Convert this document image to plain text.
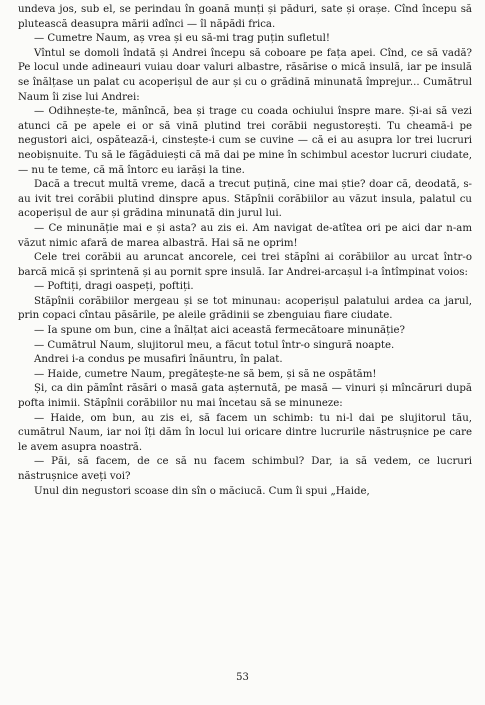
undeva jos, sub el, se perindau în goană munți și păduri, sate și orașe. Cînd începu să plutească deasupra mării adînci — îl năpădi frica.

— Cumetre Naum, aș vrea și eu să-mi trag puțin sufletul!

Vîntul se domoli îndată și Andrei începu să coboare pe fața apei. Cînd, ce să vadă? Pe locul unde adineauri vuiau doar valuri albastre, răsărise o mică insulă, iar pe insulă se înălțase un palat cu acoperișul de aur și cu o grădină minunată împrejur... Cumătrul Naum îi zise lui Andrei:

— Odihnește-te, mănîncă, bea și trage cu coada ochiului înspre mare. Și-ai să vezi atunci că pe apele ei or să vină plutind trei corăbii negustorești. Tu cheamă-i pe negustori aici, ospătează-i, cinstește-i cum se cuvine — că ei au asupra lor trei lucruri neobișnuite. Tu să le făgăduiești că mă dai pe mine în schimbul acestor lucruri ciudate,— nu te teme, că mă întorc eu iarăși la tine.

Dacă a trecut multă vreme, dacă a trecut puțină, cine mai știe? doar că, deodată, s-au ivit trei corăbii plutind dinspre apus. Stăpînii corăbiilor au văzut insula, palatul cu acoperișul de aur și grădina minunată din jurul lui.

— Ce minunăție mai e și asta? au zis ei. Am navigat de-atîtea ori pe aici dar n-am văzut nimic afară de marea albastră. Hai să ne oprim!

Cele trei corăbii au aruncat ancorele, cei trei stăpîni ai corăbiilor au urcat într-o barcă mică și sprintenă și au pornit spre insulă. Iar Andrei-arcașul i-a întîmpinat voios:

— Poftiți, dragi oaspeți, poftiți.

Stăpînii corăbiilor mergeau și se tot minunau: acoperișul palatului ardea ca jarul, prin copaci cîntau păsările, pe aleile grădinii se zbenguiau fiare ciudate.

— Ia spune om bun, cine a înălțat aici această fermecătoare minunăție?

— Cumătrul Naum, slujitorul meu, a făcut totul într-o singură noapte.

Andrei i-a condus pe musafiri înăuntru, în palat.

— Haide, cumetre Naum, pregătește-ne să bem, și să ne ospătăm!

Și, ca din pămînt răsări o masă gata așternută, pe masă — vinuri și mîncăruri după pofta inimii. Stăpînii corăbiilor nu mai încetau să se minuneze:

— Haide, om bun, au zis ei, să facem un schimb: tu ni-l dai pe slujitorul tău, cumătrul Naum, iar noi îți dăm în locul lui oricare dintre lucrurile năstrușnice pe care le avem asupra noastră.

— Păi, să facem, de ce să nu facem schimbul? Dar, ia să vedem, ce lucruri năstrușnice aveți voi?

Unul din negustori scoase din sîn o măciucă. Cum îi spui „Haide,

53
